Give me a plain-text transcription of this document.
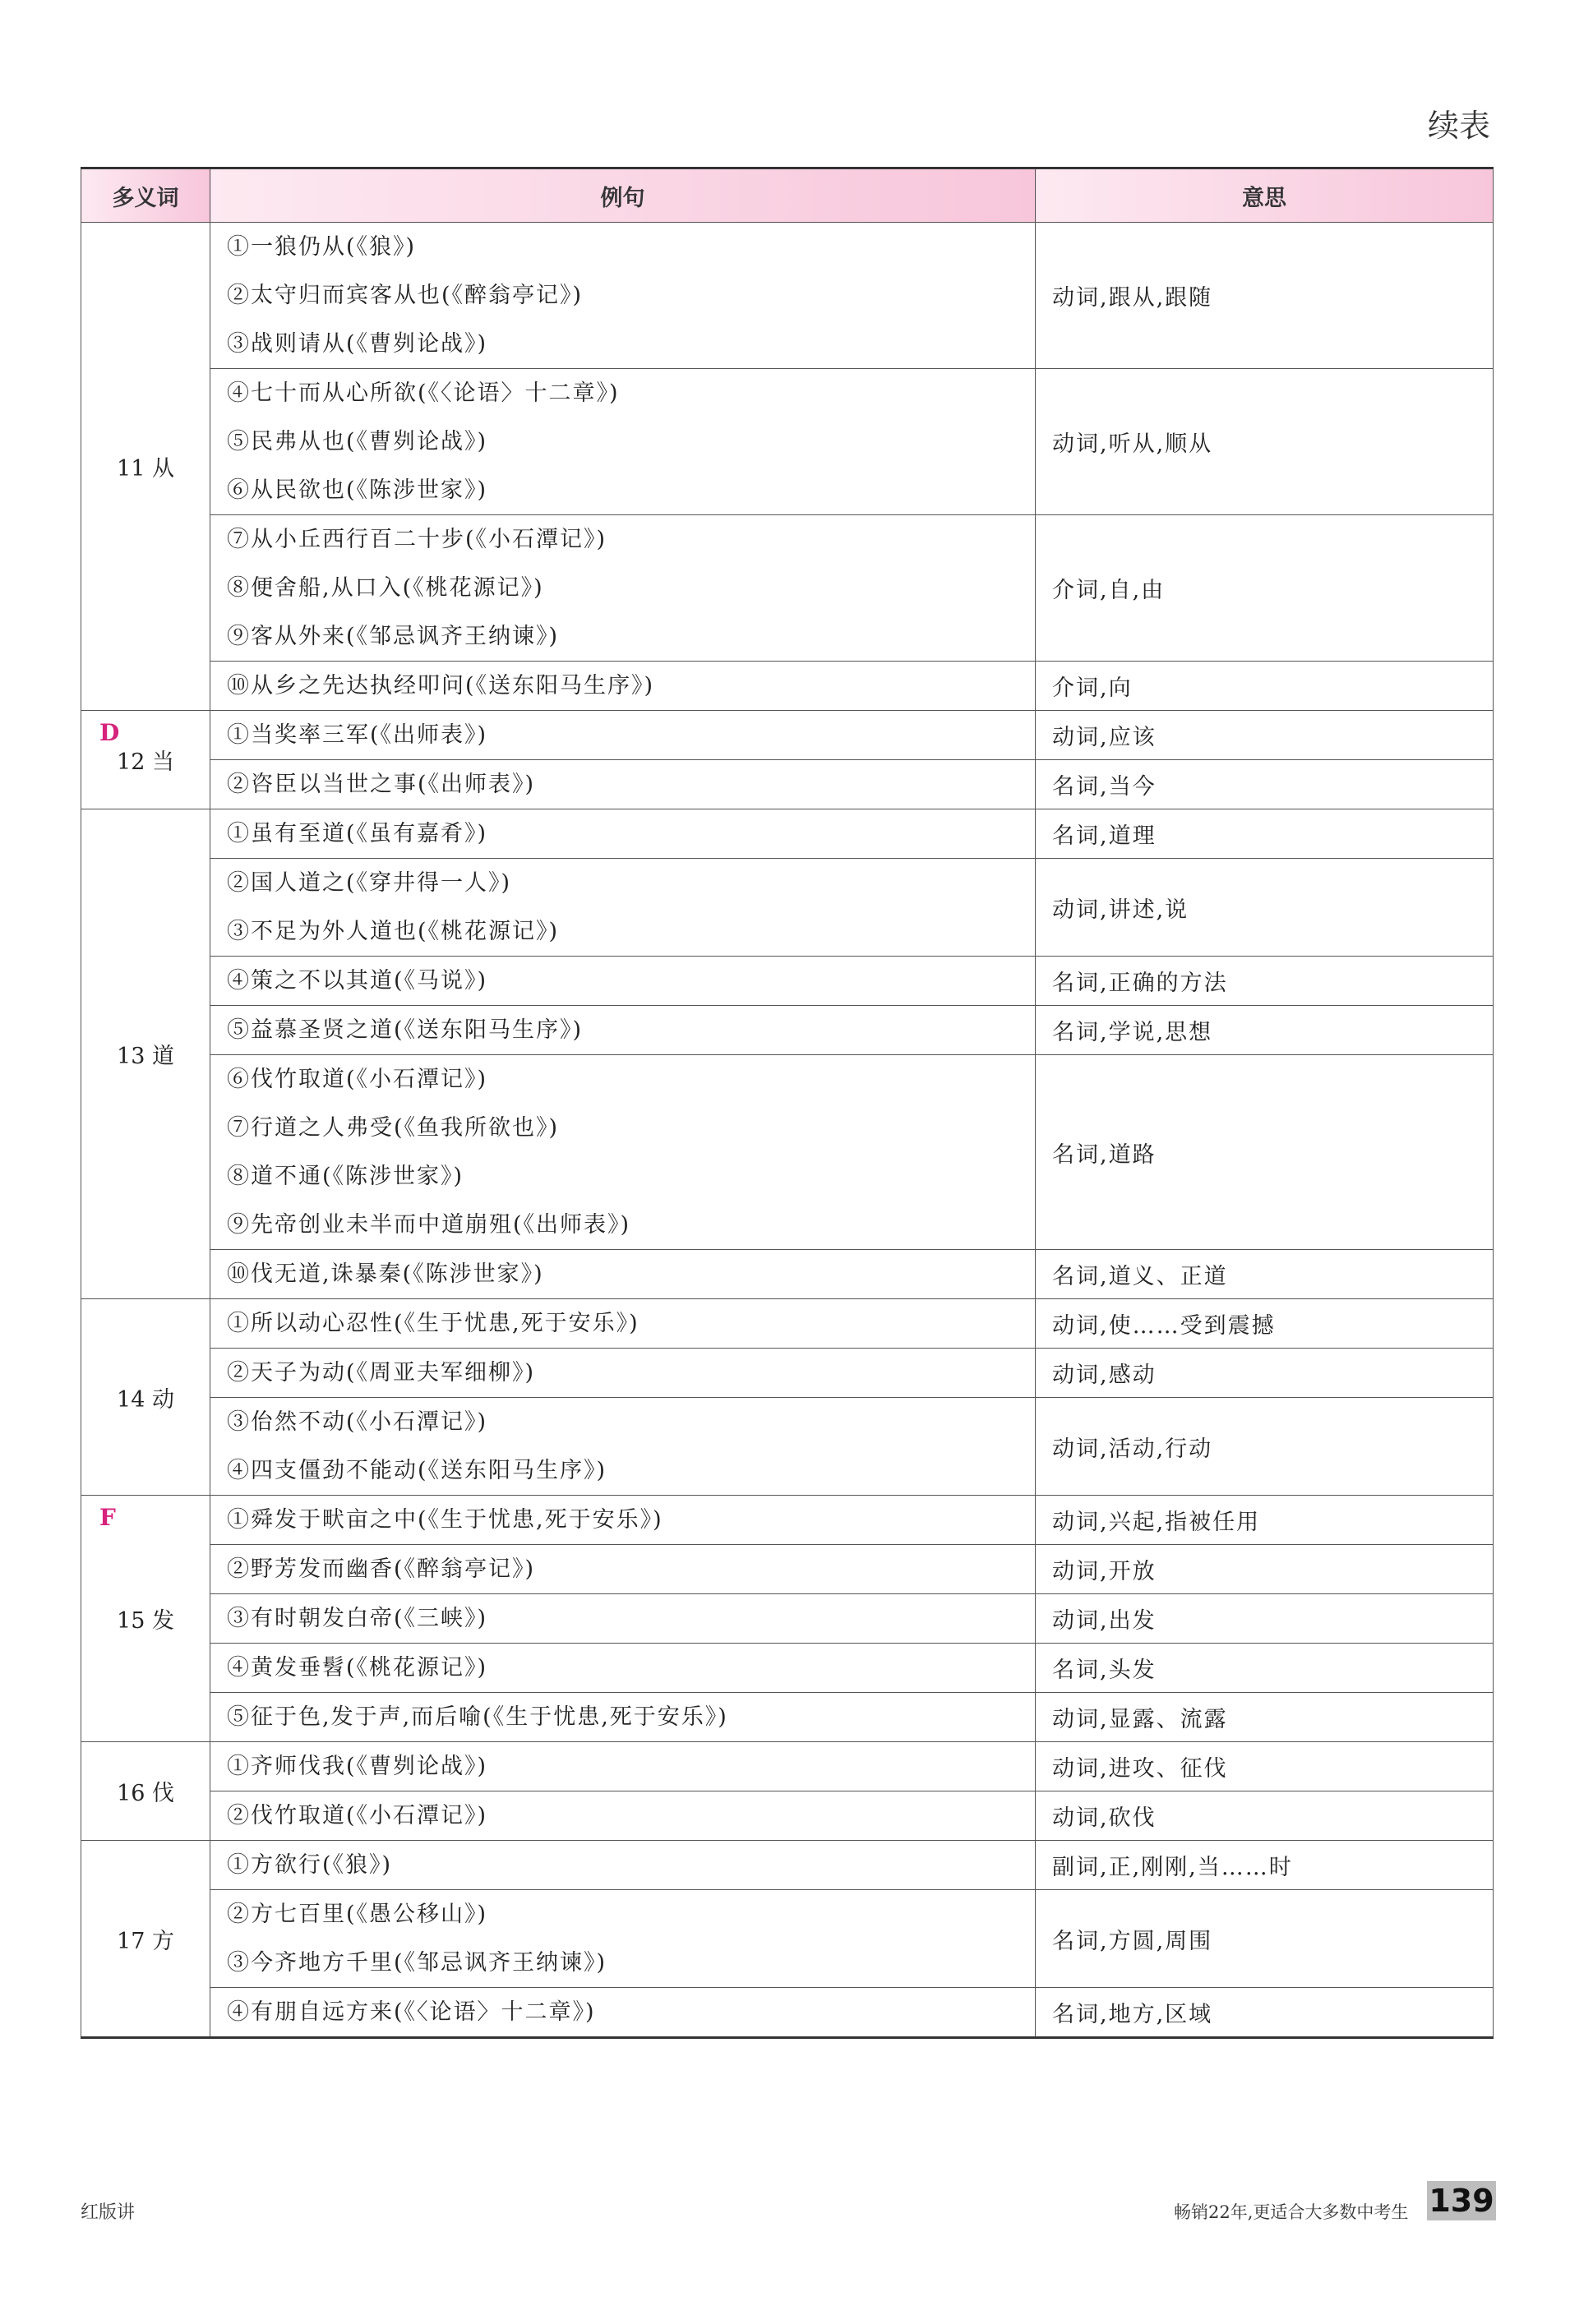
续表
多义词	例句	意思
11 从	①一狼仍从(《狼》)
②太守归而宾客从也(《醉翁亭记》)
③战则请从(《曹刿论战》)	动词,跟从,跟随

	④七十而从心所欲(《〈论语〉十二章》)
⑤民弗从也(《曹刿论战》)
⑥从民欲也(《陈涉世家》)	动词,听从,顺从

	⑦从小丘西行百二十步(《小石潭记》)
⑧便舍船,从口入(《桃花源记》)
⑨客从外来(《邹忌讽齐王纳谏》)	介词,自,由

	⑩从乡之先达执经叩问(《送东阳马生序》)	介词,向

D
12 当	①当奖率三军(《出师表》)	动词,应该

	②咨臣以当世之事(《出师表》)	名词,当今
13 道	①虽有至道(《虽有嘉肴》)	名词,道理

	②国人道之(《穿井得一人》)
③不足为外人道也(《桃花源记》)	动词,讲述,说

	④策之不以其道(《马说》)	名词,正确的方法

	⑤益慕圣贤之道(《送东阳马生序》)	名词,学说,思想

	⑥伐竹取道(《小石潭记》)
⑦行道之人弗受(《鱼我所欲也》)
⑧道不通(《陈涉世家》)
⑨先帝创业未半而中道崩殂(《出师表》)	名词,道路

	⑩伐无道,诛暴秦(《陈涉世家》)	名词,道义、正道
14 动	①所以动心忍性(《生于忧患,死于安乐》)	动词,使……受到震撼

	②天子为动(《周亚夫军细柳》)	动词,感动

	③佁然不动(《小石潭记》)
④四支僵劲不能动(《送东阳马生序》)	动词,活动,行动

F
15 发	①舜发于畎亩之中(《生于忧患,死于安乐》)	动词,兴起,指被任用

	②野芳发而幽香(《醉翁亭记》)	动词,开放

	③有时朝发白帝(《三峡》)	动词,出发

	④黄发垂髫(《桃花源记》)	名词,头发

	⑤征于色,发于声,而后喻(《生于忧患,死于安乐》)	动词,显露、流露
16 伐	①齐师伐我(《曹刿论战》)	动词,进攻、征伐

	②伐竹取道(《小石潭记》)	动词,砍伐
17 方	①方欲行(《狼》)	副词,正,刚刚,当……时

	②方七百里(《愚公移山》)
③今齐地方千里(《邹忌讽齐王纳谏》)	名词,方圆,周围

	④有朋自远方来(《〈论语〉十二章》)	名词,地方,区域
红版讲	畅销22年,更适合大多数中考生 139
